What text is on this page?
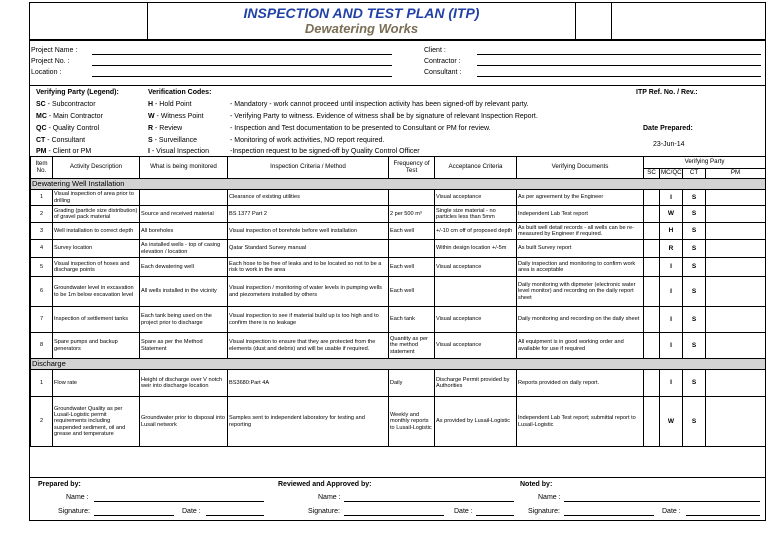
INSPECTION AND TEST PLAN (ITP)
Dewatering Works
Project Name :
Project No. :
Location :
Client :
Contractor :
Consultant :
Verifying Party (Legend):	Verification Codes:	ITP Ref. No. / Rev.:
SC - Subcontractor
MC - Main Contractor
QC - Quality Control
CT - Consultant
PM - Client or PM
H - Hold Point
W - Witness Point
R - Review
S - Surveillance
I - Visual Inspection
- Mandatory - work cannot proceed until inspection activity has been signed-off by relevant party.
- Verifying Party to witness. Evidence of witness shall be by signature of relevant Inspection Report.
- Inspection and Test documentation to be presented to Consultant or PM for review.
- Monitoring of work activities, NO report required.
-Inspection request to be signed-off by Quality Control Officer
Date Prepared:
23-Jun-14
Item No.	Activity Description	What is being monitored	Inspection Criteria / Method	Frequency of Test	Acceptance Criteria	Verifying Documents	Verifying Party			
							SC	MC/QC	CT	PM
Dewatering Well Installation										
1	Visual inspection of area prior to drilling		Clearance of existing utilities		Visual acceptance	As per agreement by the Engineer		I	S	
2	Grading (particle size distribution) of gravel pack material	Source and received material	BS 1377 Part 2	2 per 500 m³	Single size material - no particles less than 5mm	Independent Lab Test report		W	S	
3	Well installation to correct depth	All boreholes	Visual inspection of borehole before well installation	Each well	+/-10 cm off of proposed depth	As built well detail records - all wells can be re-measured by Engineer if required.		H	S	
4	Survey location	As installed wells - top of casing elevation / location	Qatar Standard Survey manual		Within design location +/-5m	As built Survey report		R	S	
5	Visual inspection of hoses and discharge points	Each dewatering well	Each hose to be free of leaks and to be located so not to be a risk to work in the area	Each well	Visual acceptance	Daily inspection and monitoring to confirm work area is acceptable		I	S	
6	Groundwater level in excavation to be 1m below excavation level	All wells installed in the vicinity	Visual inspection / monitoring of water levels in pumping wells and piezometers installed by others	Each well		Daily monitoring with dipmeter (electronic water level monitor) and recording on the daily report sheet		I	S	
7	Inspection of settlement tanks	Each tank being used on the project prior to discharge	Visual inspection to see if material build up is too high and to confirm there is no leakage	Each tank	Visual acceptance	Daily monitoring and recording on the daily sheet		I	S	
8	Spare pumps and backup generators	Spare as per the Method Statement	Visual inspection to ensure that they are protected from the elements (dust and debris) and will be usable if required.	Quantity as per the method statement	Visual acceptance	All equipment is in good working order and available for use if required		I	S	
Discharge										
1	Flow rate	Height of discharge over V notch weir into discharge location	BS3680:Part 4A	Daily	Discharge Permit provided by Authorities	Reports provided on daily report.		I	S	
2	Groundwater Quality as per Lusail-Logistic permit requirements including suspended sediment, oil and grease and temperature	Groundwater prior to disposal into Lusail network	Samples sent to independent laboratory for testing and reporting	Weekly and monthly reports to Lusail-Logistic	As provided by Lusail-Logistic	Independent Lab Test report; submittal report to Lusail-Logistic		W	S	
Prepared by:
Name :
Signature:	Date :
Reviewed and Approved by:
Name :
Signature:	Date :
Noted by:
Name :
Signature:	Date :
